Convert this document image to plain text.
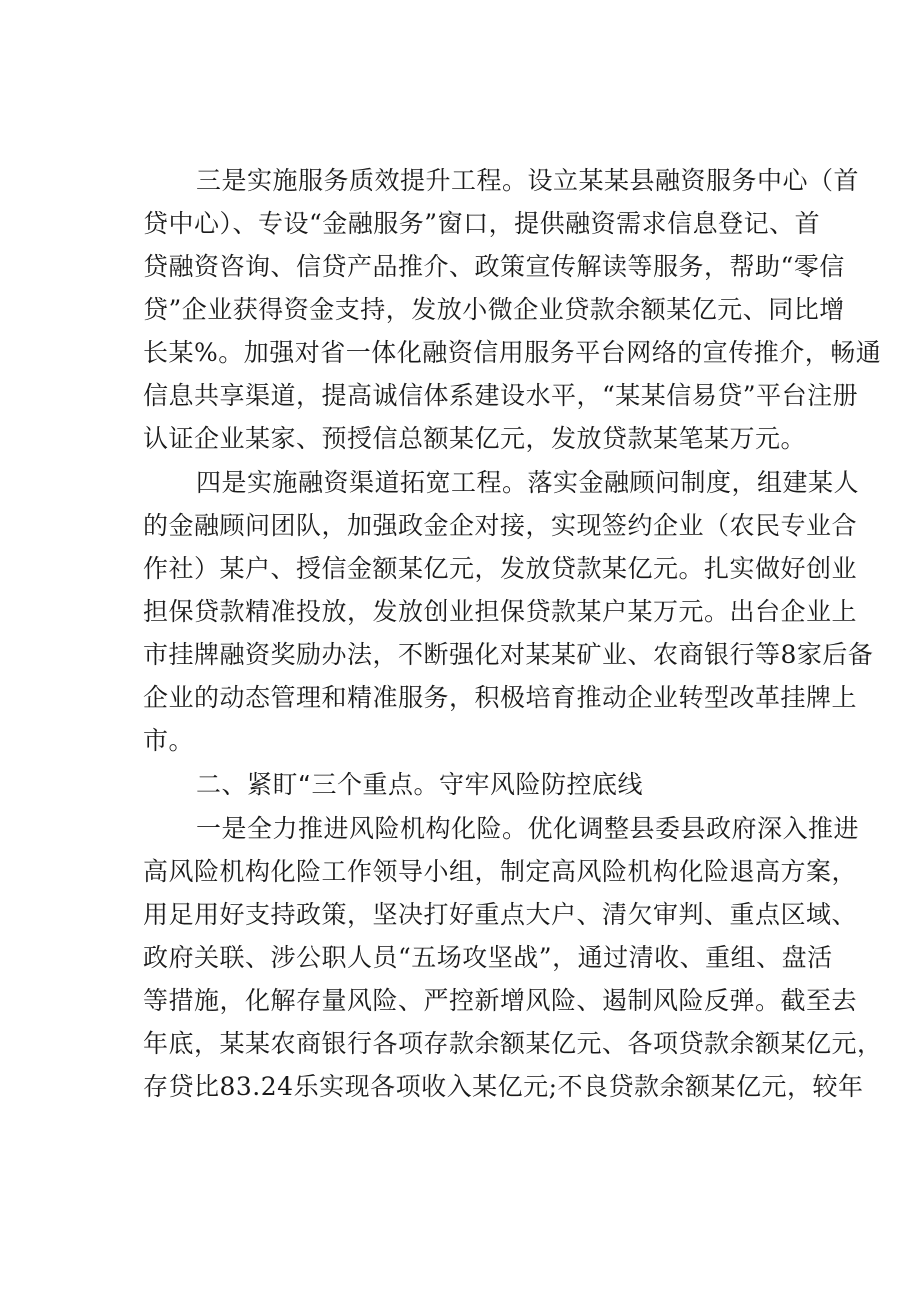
三是实施服务质效提升工程。设立某某县融资服务中心（首
贷中心）、专设“金融服务”窗口，提供融资需求信息登记、首
贷融资咨询、信贷产品推介、政策宣传解读等服务，帮助“零信
贷”企业获得资金支持，发放小微企业贷款余额某亿元、同比增
长某%。加强对省一体化融资信用服务平台网络的宣传推介，畅通
信息共享渠道，提高诚信体系建设水平，“某某信易贷”平台注册
认证企业某家、预授信总额某亿元，发放贷款某笔某万元。
四是实施融资渠道拓宽工程。落实金融顾问制度，组建某人
的金融顾问团队，加强政金企对接，实现签约企业（农民专业合
作社）某户、授信金额某亿元，发放贷款某亿元。扎实做好创业
担保贷款精准投放，发放创业担保贷款某户某万元。出台企业上
市挂牌融资奖励办法，不断强化对某某矿业、农商银行等8家后备
企业的动态管理和精准服务，积极培育推动企业转型改革挂牌上
市。
二、紧盯“三个重点。守牢风险防控底线
一是全力推进风险机构化险。优化调整县委县政府深入推进
高风险机构化险工作领导小组，制定高风险机构化险退高方案，
用足用好支持政策，坚决打好重点大户、清欠审判、重点区域、
政府关联、涉公职人员“五场攻坚战”，通过清收、重组、盘活
等措施，化解存量风险、严控新增风险、遏制风险反弹。截至去
年底，某某农商银行各项存款余额某亿元、各项贷款余额某亿元，
存贷比83.24乐实现各项收入某亿元;不良贷款余额某亿元，较年
